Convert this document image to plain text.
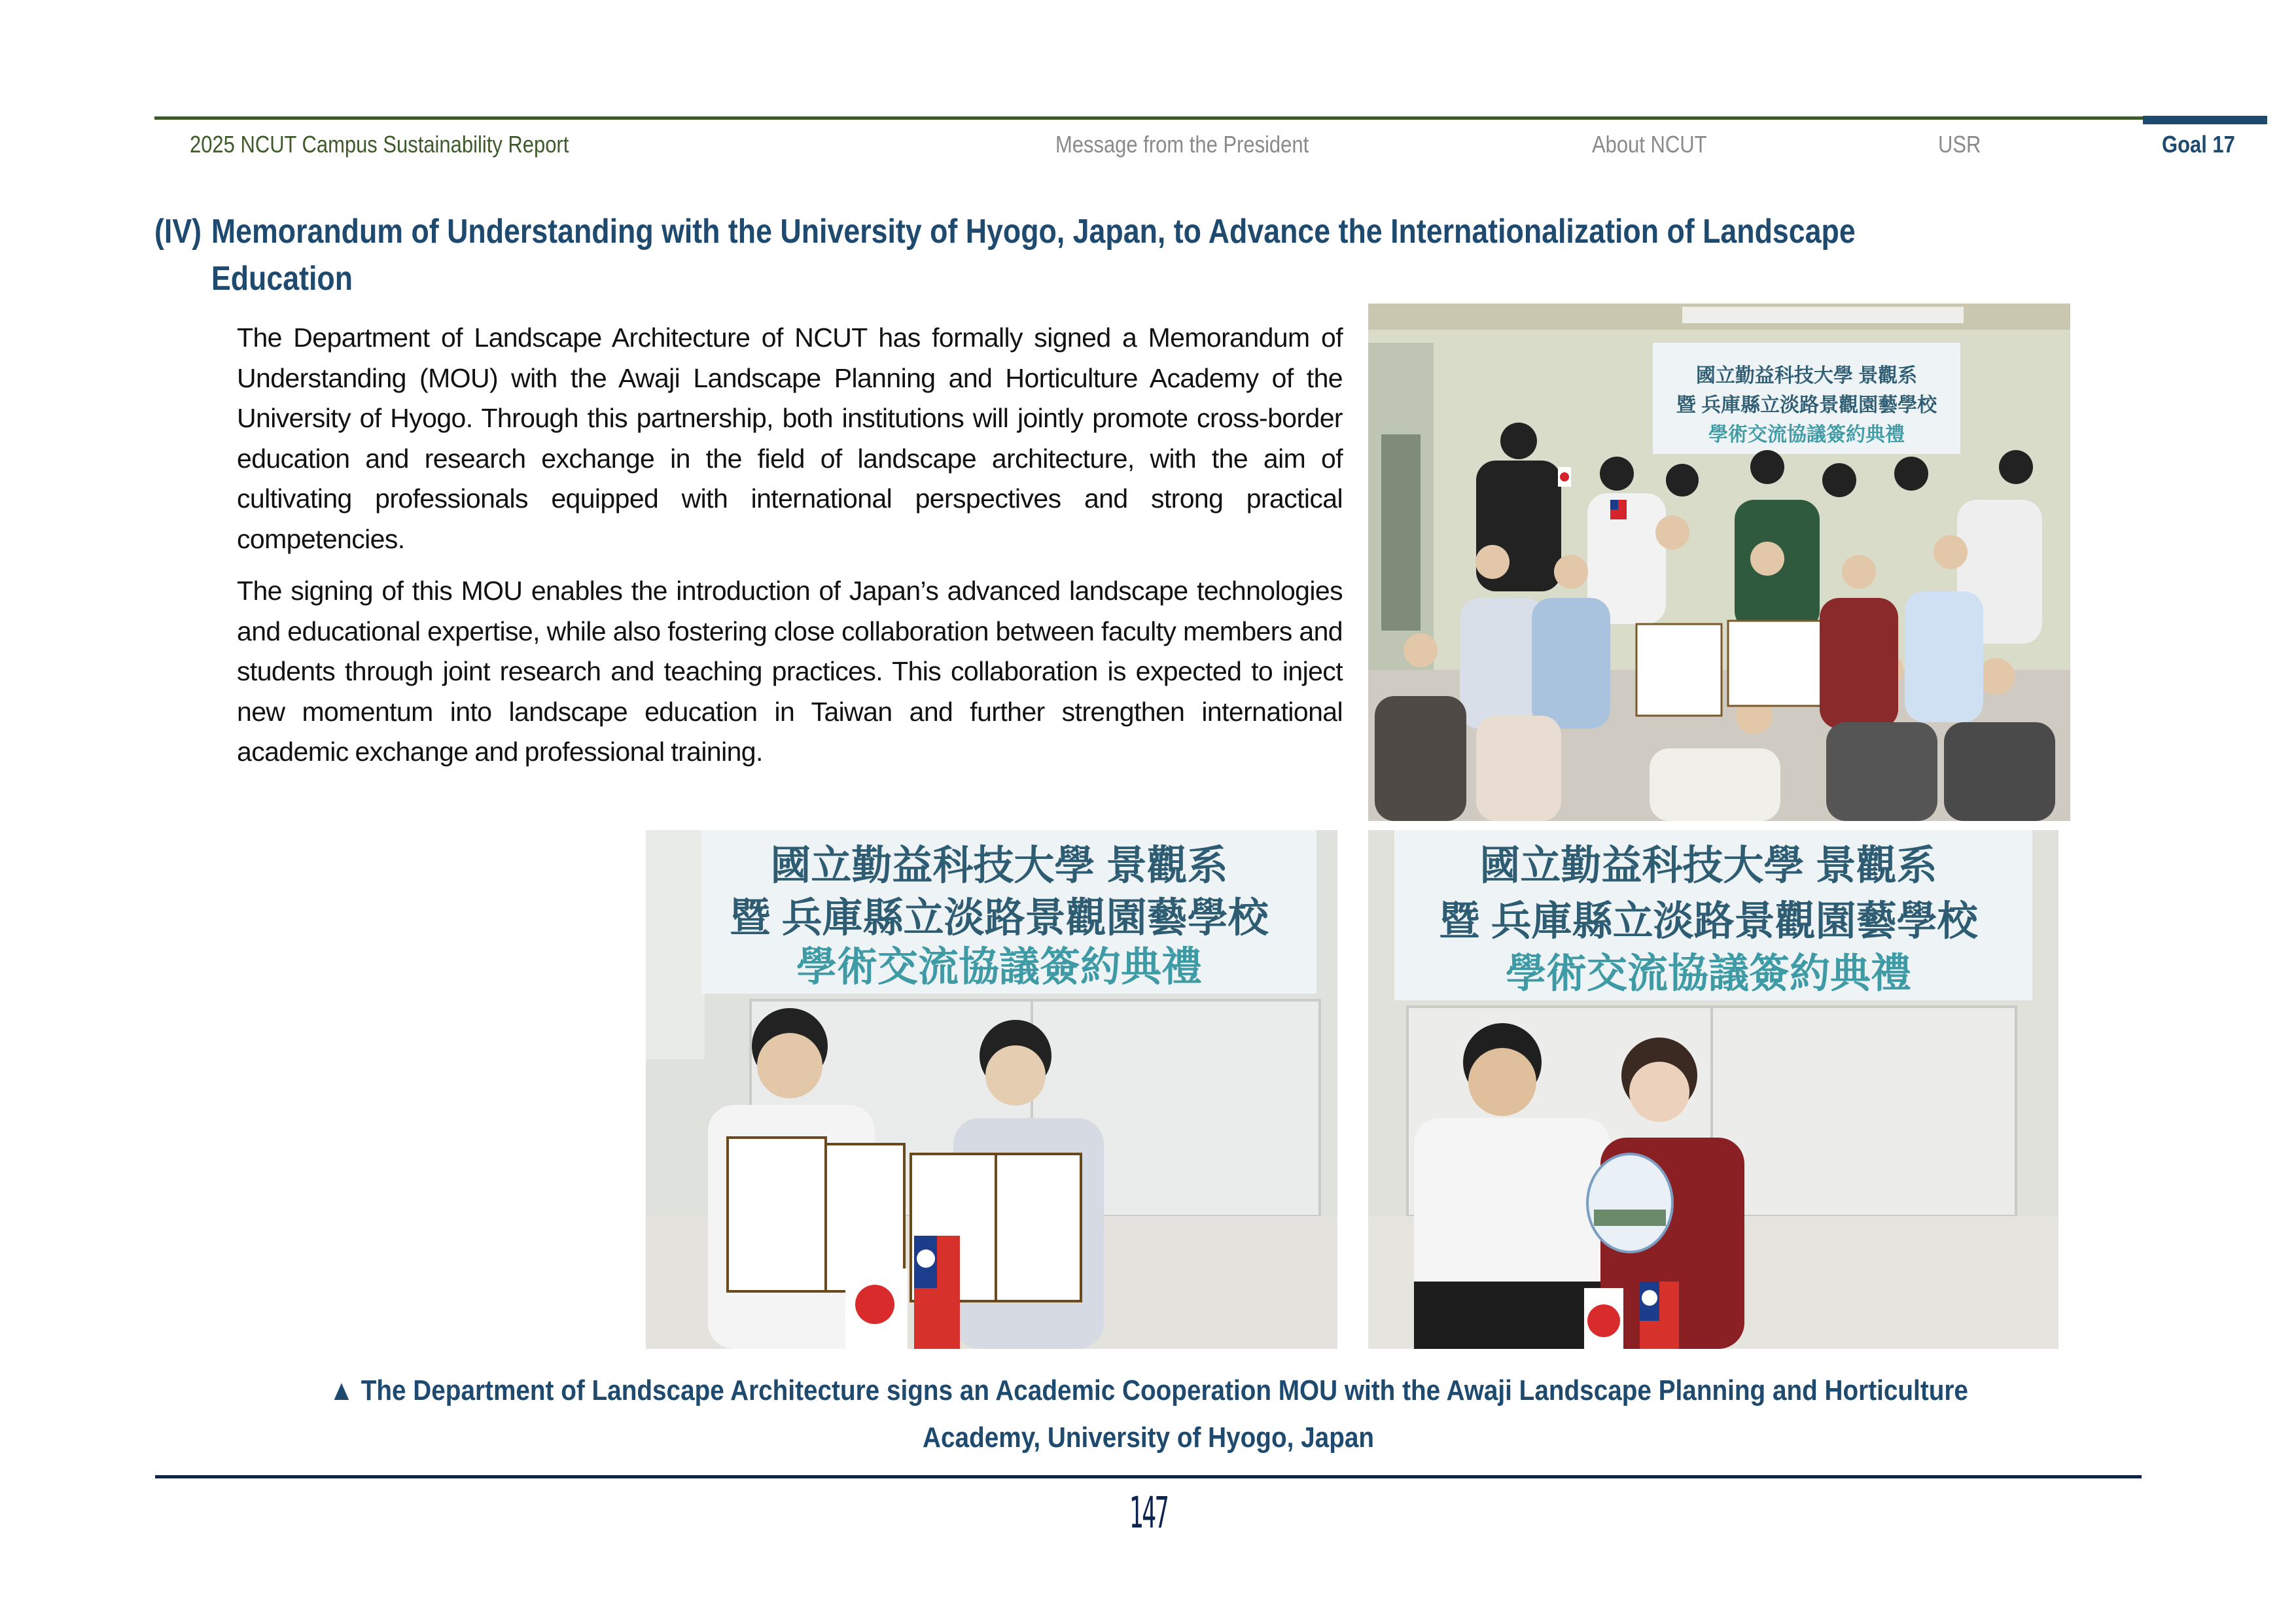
2025 NCUT Campus Sustainability Report	Message from the President	About NCUT	USR	Goal 17
(IV) Memorandum of Understanding with the University of Hyogo, Japan, to Advance the Internationalization of Landscape
Education

The Department of Landscape Architecture of NCUT has formally signed a Memorandum of Understanding (MOU) with the Awaji Landscape Planning and Horticulture Academy of the University of Hyogo. Through this partnership, both institutions will jointly promote cross-border education and research exchange in the field of landscape architecture, with the aim of cultivating professionals equipped with international perspectives and strong practical competencies.

The signing of this MOU enables the introduction of Japan’s advanced landscape technologies and educational expertise, while also fostering close collaboration between faculty members and students through joint research and teaching practices. This collaboration is expected to inject new momentum into landscape education in Taiwan and further strengthen international academic exchange and professional training.

國立勤益科技大學 景觀系
暨 兵庫縣立淡路景觀園藝學校
學術交流協議簽約典禮
國立勤益科技大學 景觀系
暨 兵庫縣立淡路景觀園藝學校
學術交流協議簽約典禮
國立勤益科技大學 景觀系
暨 兵庫縣立淡路景觀園藝學校
學術交流協議簽約典禮
▲ The Department of Landscape Architecture signs an Academic Cooperation MOU with the Awaji Landscape Planning and Horticulture
Academy, University of Hyogo, Japan
147
